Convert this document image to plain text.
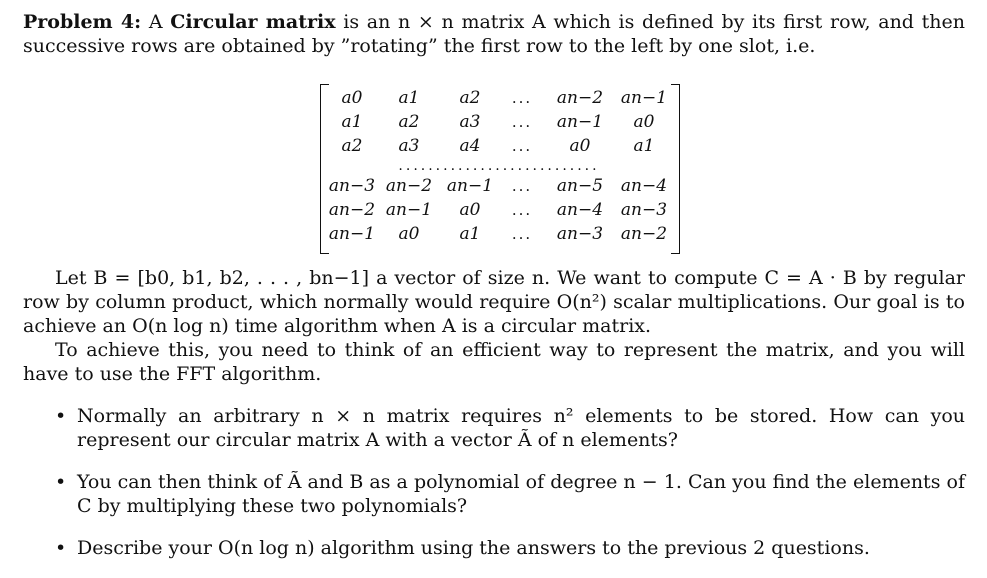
Problem 4: A Circular matrix is an n × n matrix A which is defined by its first row, and then successive rows are obtained by ”rotating” the first row to the left by one slot, i.e.

a0	a1	a2	...	an−2	an−1
a1	a2	a3	...	an−1	a0
a2	a3	a4	...	a0	a1
...........................					
an−3	an−2	an−1	...	an−5	an−4
an−2	an−1	a0	...	an−4	an−3
an−1	a0	a1	...	an−3	an−2

Let B = [b0, b1, b2, . . . , bn−1] a vector of size n. We want to compute C = A · B by regular row by column product, which normally would require O(n²) scalar multiplications. Our goal is to achieve an O(n log n) time algorithm when A is a circular matrix.

To achieve this, you need to think of an efficient way to represent the matrix, and you will have to use the FFT algorithm.

• Normally an arbitrary n × n matrix requires n² elements to be stored. How can you represent our circular matrix A with a vector Ã of n elements?
• You can then think of Ã and B as a polynomial of degree n − 1. Can you find the elements of C by multiplying these two polynomials?
• Describe your O(n log n) algorithm using the answers to the previous 2 questions.
